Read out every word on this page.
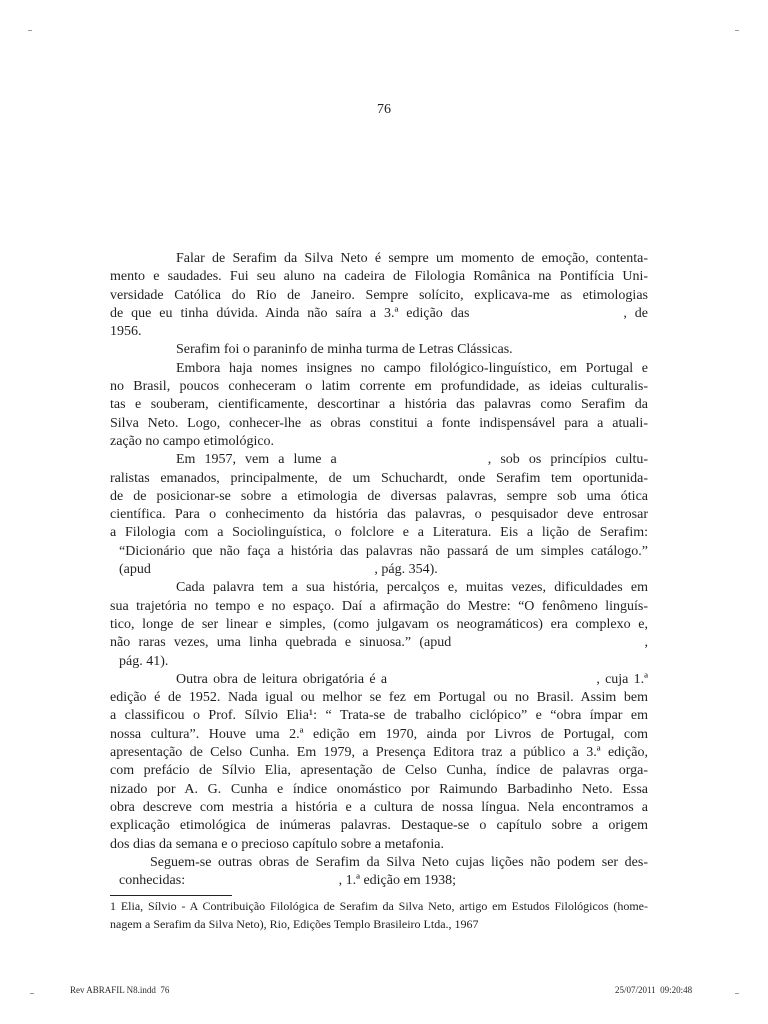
76
Falar de Serafim da Silva Neto é sempre um momento de emoção, contenta-
mento e saudades. Fui seu aluno na cadeira de Filologia Românica na Pontifícia Uni-
versidade Católica do Rio de Janeiro. Sempre solícito, explicava-me as etimologias
de que eu tinha dúvida. Ainda não saíra a 3.ª edição das	, de
1956.
Serafim foi o paraninfo de minha turma de Letras Clássicas.
Embora haja nomes insignes no campo filológico-linguístico, em Portugal e
no Brasil, poucos conheceram o latim corrente em profundidade, as ideias culturalis-
tas e souberam, cientificamente, descortinar a história das palavras como Serafim da
Silva Neto. Logo, conhecer-lhe as obras constitui a fonte indispensável para a atuali-
zação no campo etimológico.
Em 1957, vem a lume a	, sob os princípios cultu-
ralistas emanados, principalmente, de um Schuchardt, onde Serafim tem oportunida-
de de posicionar-se sobre a etimologia de diversas palavras, sempre sob uma ótica
científica. Para o conhecimento da história das palavras, o pesquisador deve entrosar
a Filologia com a Sociolinguística, o folclore e a Literatura. Eis a lição de Serafim:
“Dicionário que não faça a história das palavras não passará de um simples catálogo.”
(apud	, pág. 354).
Cada palavra tem a sua história, percalços e, muitas vezes, dificuldades em
sua trajetória no tempo e no espaço. Daí a afirmação do Mestre: “O fenômeno linguís-
tico, longe de ser linear e simples, (como julgavam os neogramáticos) era complexo e,
não raras vezes, uma linha quebrada e sinuosa.” (apud	,
pág. 41).
Outra obra de leitura obrigatória é a	, cuja 1.ª
edição é de 1952. Nada igual ou melhor se fez em Portugal ou no Brasil. Assim bem
a classificou o Prof. Sílvio Elia¹: “ Trata-se de trabalho ciclópico” e “obra ímpar em
nossa cultura”. Houve uma 2.ª edição em 1970, ainda por Livros de Portugal, com
apresentação de Celso Cunha. Em 1979, a Presença Editora traz a público a 3.ª edição,
com prefácio de Sílvio Elia, apresentação de Celso Cunha, índice de palavras orga-
nizado por A. G. Cunha e índice onomástico por Raimundo Barbadinho Neto. Essa
obra descreve com mestria a história e a cultura de nossa língua. Nela encontramos a
explicação etimológica de inúmeras palavras. Destaque-se o capítulo sobre a origem
dos dias da semana e o precioso capítulo sobre a metafonia.
Seguem-se outras obras de Serafim da Silva Neto cujas lições não podem ser des-
conhecidas:	, 1.ª edição em 1938;
1 Elia, Sílvio - A Contribuição Filológica de Serafim da Silva Neto, artigo em Estudos Filológicos (home-
nagem a Serafim da Silva Neto), Rio, Edições Templo Brasileiro Ltda., 1967
Rev ABRAFIL N8.indd  76	25/07/2011  09:20:48
